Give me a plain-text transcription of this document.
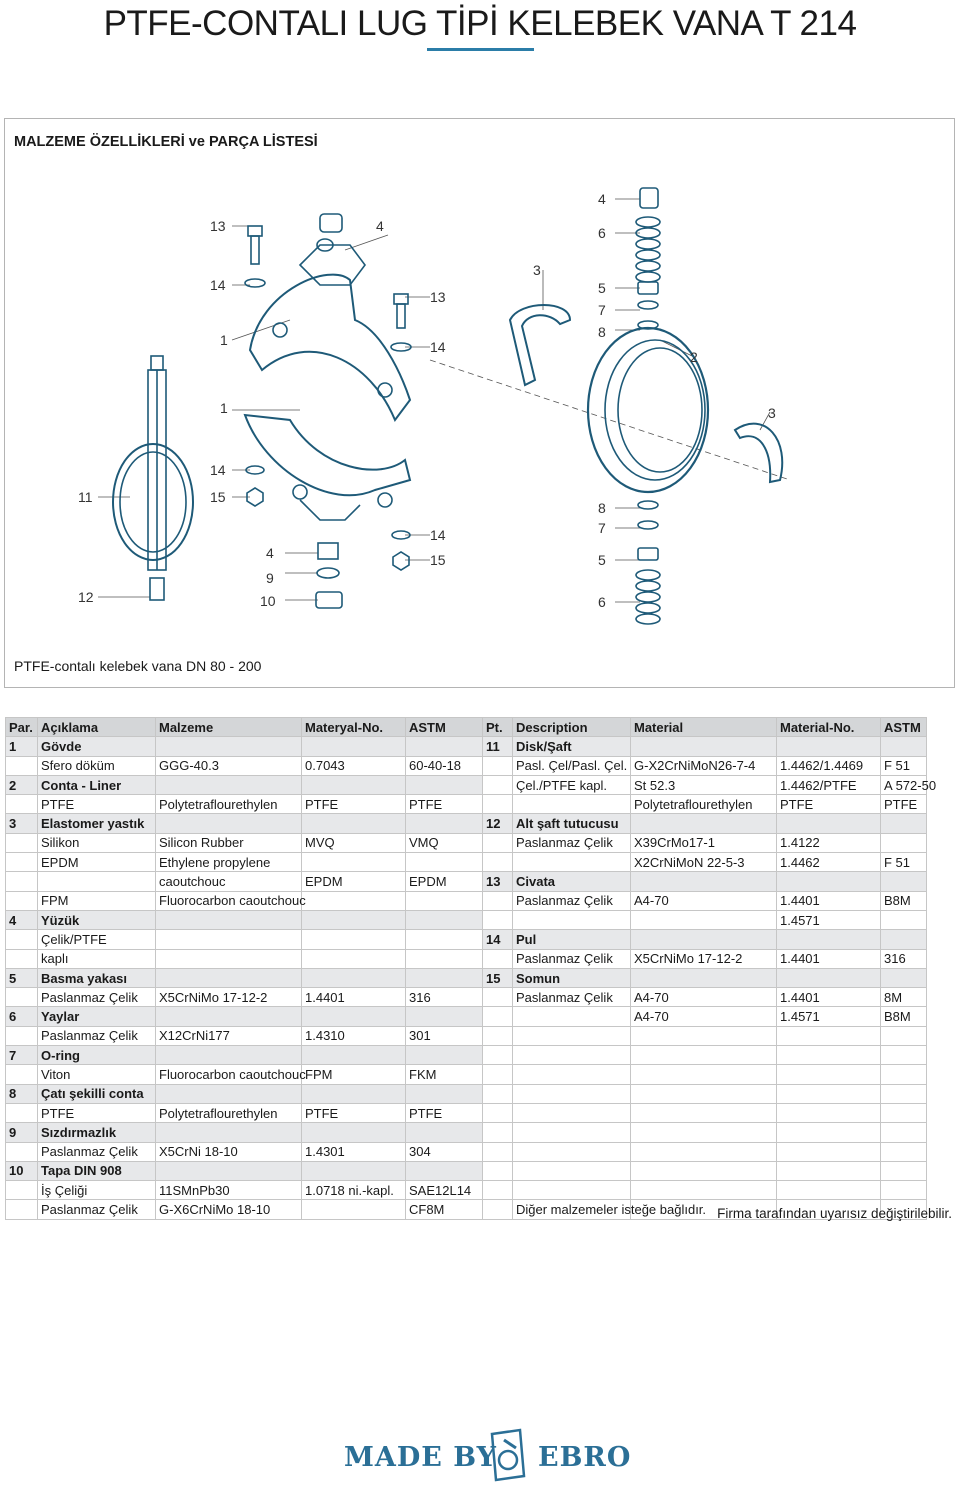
PTFE-CONTALI LUG TİPİ KELEBEK VANA T 214
MALZEME ÖZELLİKLERİ ve PARÇA LİSTESİ
13
14
1
1
14
15
4
9
10
11
12
4
13
14
14
15
3
4
6
5
7
8
2
3
8
7
5
6
PTFE-contalı kelebek vana DN 80 - 200
Par.	Açıklama	Malzeme	Materyal-No.	ASTM	Pt.	Description	Material	Material-No.	ASTM
1	Gövde				11	Disk/Şaft			
	Sfero döküm	GGG-40.3	0.7043	60-40-18		Pasl. Çel/Pasl. Çel.	G-X2CrNiMoN26-7-4	1.4462/1.4469	F 51
2	Conta - Liner					Çel./PTFE kapl.	St 52.3	1.4462/PTFE	A 572-50
	PTFE	Polytetraflourethylen	PTFE	PTFE			Polytetraflourethylen	PTFE	PTFE
3	Elastomer yastık				12	Alt şaft tutucusu			
	Silikon	Silicon Rubber	MVQ	VMQ		Paslanmaz Çelik	X39CrMo17-1	1.4122	
	EPDM	Ethylene propylene					X2CrNiMoN 22-5-3	1.4462	F 51
		caoutchouc	EPDM	EPDM	13	Civata			
	FPM	Fluorocarbon caoutchouc				Paslanmaz Çelik	A4-70	1.4401	B8M
4	Yüzük							1.4571	
	Çelik/PTFE				14	Pul			
	kaplı					Paslanmaz Çelik	X5CrNiMo 17-12-2	1.4401	316
5	Basma yakası				15	Somun			
	Paslanmaz Çelik	X5CrNiMo 17-12-2	1.4401	316		Paslanmaz Çelik	A4-70	1.4401	8M
6	Yaylar						A4-70	1.4571	B8M
	Paslanmaz Çelik	X12CrNi177	1.4310	301					
7	O-ring								
	Viton	Fluorocarbon caoutchouc	FPM	FKM					
8	Çatı şekilli conta								
	PTFE	Polytetraflourethylen	PTFE	PTFE					
9	Sızdırmazlık								
	Paslanmaz Çelik	X5CrNi 18-10	1.4301	304					
10	Tapa DIN 908								
	İş Çeliği	11SMnPb30	1.0718 ni.-kapl.	SAE12L14					
	Paslanmaz Çelik	G-X6CrNiMo 18-10		CF8M		Diğer malzemeler isteğe bağlıdır.			Firma tarafından uyarısız değiştirilebilir.
MADE BY EBRO
